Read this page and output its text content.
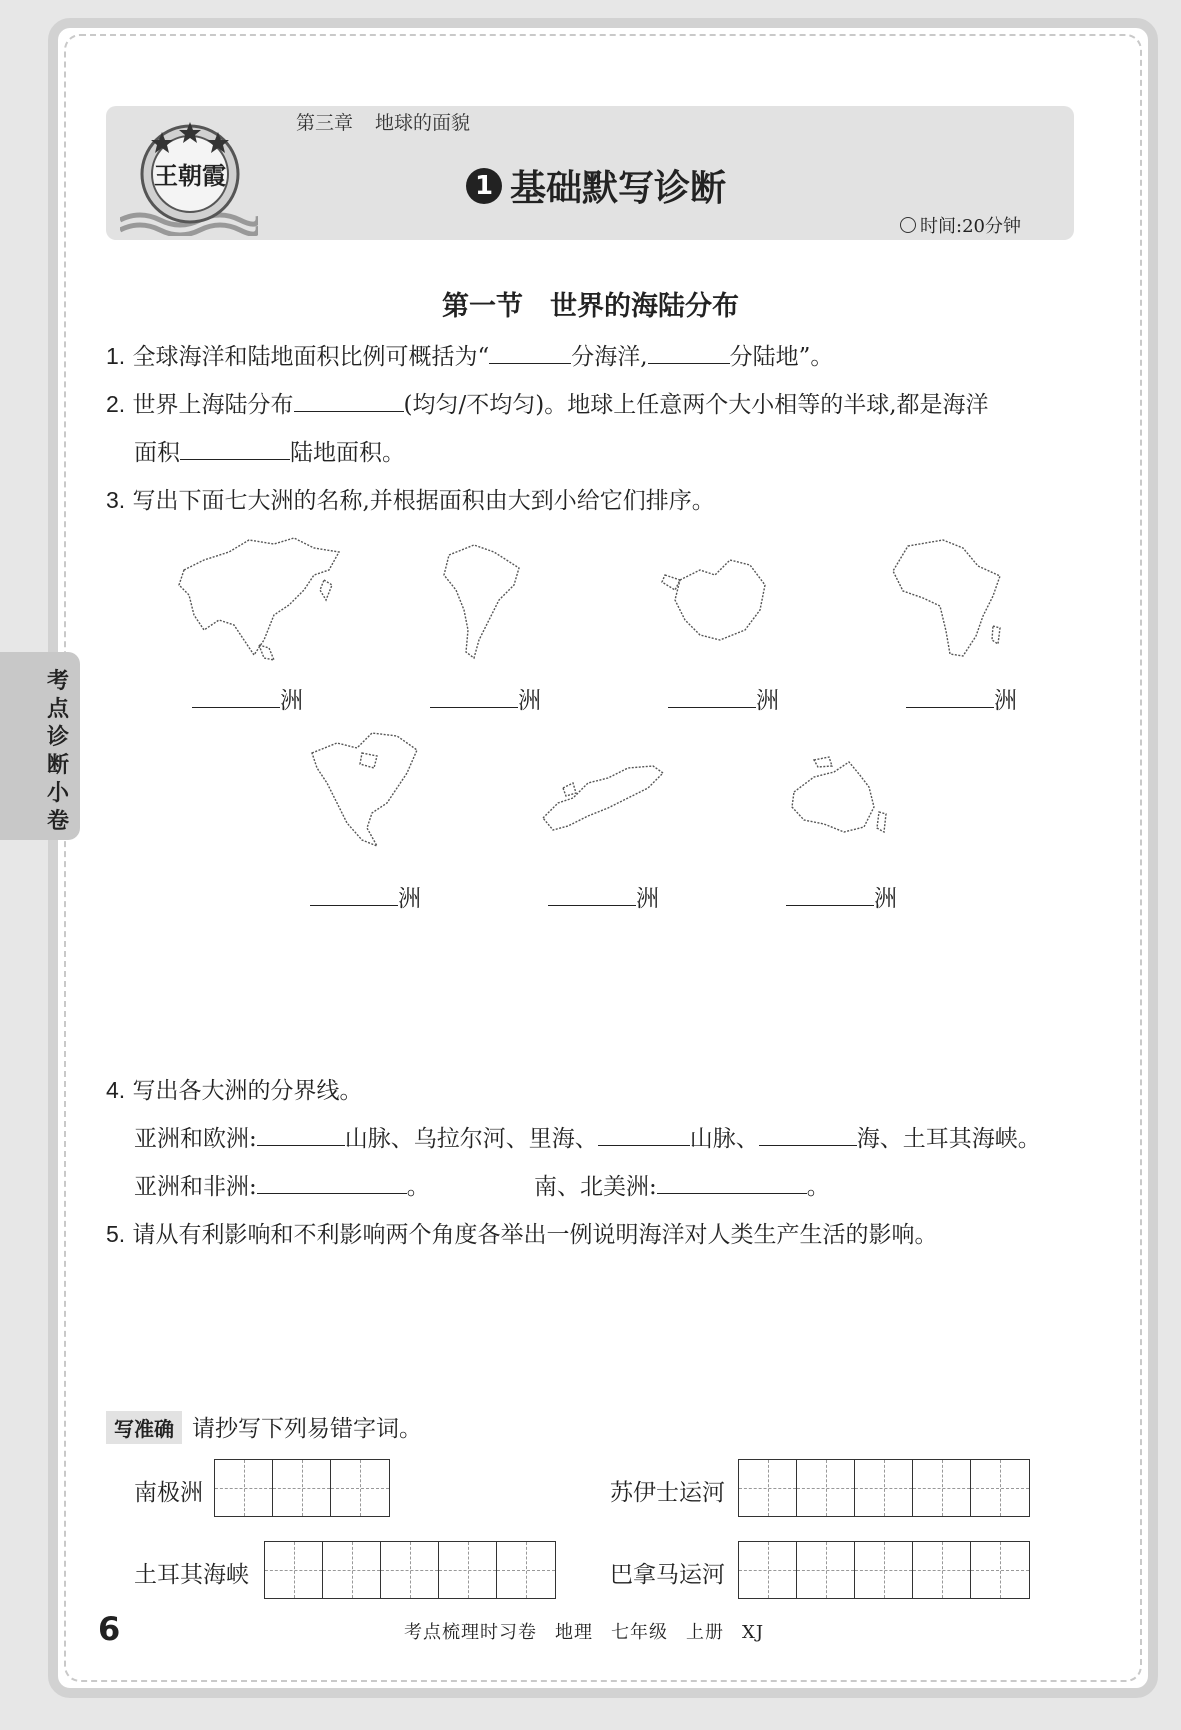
王朝霞
第三章 地球的面貌
1 基础默写诊断
时间:20分钟
考点诊断小卷
第一节　世界的海陆分布
1. 全球海洋和陆地面积比例可概括为“	分海洋,	分陆地”。
2. 世界上海陆分布	(均匀/不均匀)。地球上任意两个大小相等的半球,都是海洋
面积	陆地面积。
3. 写出下面七大洲的名称,并根据面积由大到小给它们排序。
洲	洲	洲	洲
洲	洲	洲
4. 写出各大洲的分界线。
亚洲和欧洲:	山脉、乌拉尔河、里海、	山脉、	海、土耳其海峡。
亚洲和非洲:	。	南、北美洲:	。
5. 请从有利影响和不利影响两个角度各举出一例说明海洋对人类生产生活的影响。
写准确 请抄写下列易错字词。
南极洲	苏伊士运河
土耳其海峡	巴拿马运河
6	考点梳理时习卷 地理 七年级 上册 XJ
